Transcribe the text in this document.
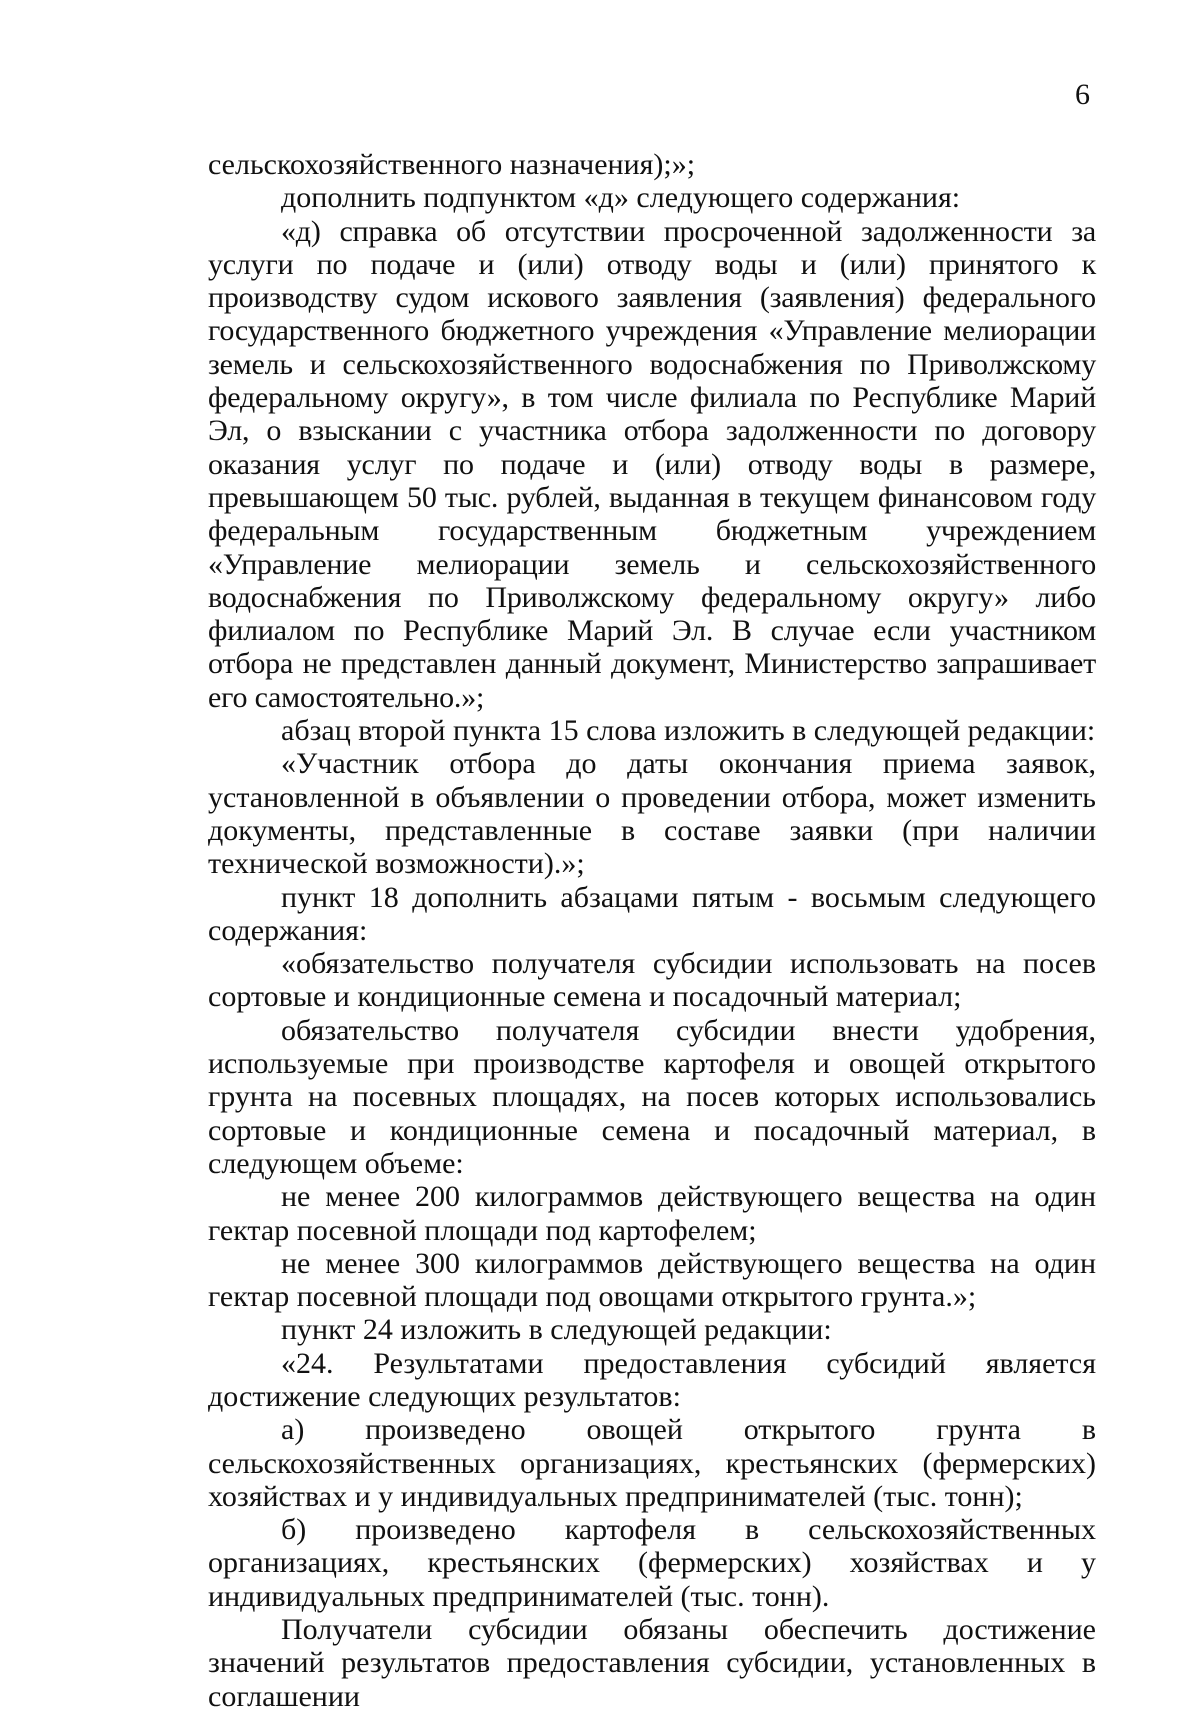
6

сельскохозяйственного назначения);»;

дополнить подпунктом «д» следующего содержания:

«д) справка об отсутствии просроченной задолженности за услуги по подаче и (или) отводу воды и (или) принятого к производству судом искового заявления (заявления) федерального государственного бюджетного учреждения «Управление мелиорации земель и сельскохозяйственного водоснабжения по Приволжскому федеральному округу», в том числе филиала по Республике Марий Эл, о взыскании с участника отбора задолженности по договору оказания услуг по подаче и (или) отводу воды в размере, превышающем 50 тыс. рублей, выданная в текущем финансовом году федеральным государственным бюджетным учреждением «Управление мелиорации земель и сельскохозяйственного водоснабжения по Приволжскому федеральному округу» либо филиалом по Республике Марий Эл. В случае если участником отбора не представлен данный документ, Министерство запрашивает его самостоятельно.»;

абзац второй пункта 15 слова изложить в следующей редакции:

«Участник отбора до даты окончания приема заявок, установленной в объявлении о проведении отбора, может изменить документы, представленные в составе заявки (при наличии технической возможности).»;

пункт 18 дополнить абзацами пятым - восьмым следующего содержания:

«обязательство получателя субсидии использовать на посев сортовые и кондиционные семена и посадочный материал;

обязательство получателя субсидии внести удобрения, используемые при производстве картофеля и овощей открытого грунта на посевных площадях, на посев которых использовались сортовые и кондиционные семена и посадочный материал, в следующем объеме:

не менее 200 килограммов действующего вещества на один гектар посевной площади под картофелем;

не менее 300 килограммов действующего вещества на один гектар посевной площади под овощами открытого грунта.»;

пункт 24 изложить в следующей редакции:

«24. Результатами предоставления субсидий является достижение следующих результатов:

а) произведено овощей открытого грунта в сельскохозяйственных организациях, крестьянских (фермерских) хозяйствах и у индивидуальных предпринимателей (тыс. тонн);

б) произведено картофеля в сельскохозяйственных организациях, крестьянских (фермерских) хозяйствах и у индивидуальных предпринимателей (тыс. тонн).

Получатели субсидии обязаны обеспечить достижение значений результатов предоставления субсидии, установленных в соглашении
